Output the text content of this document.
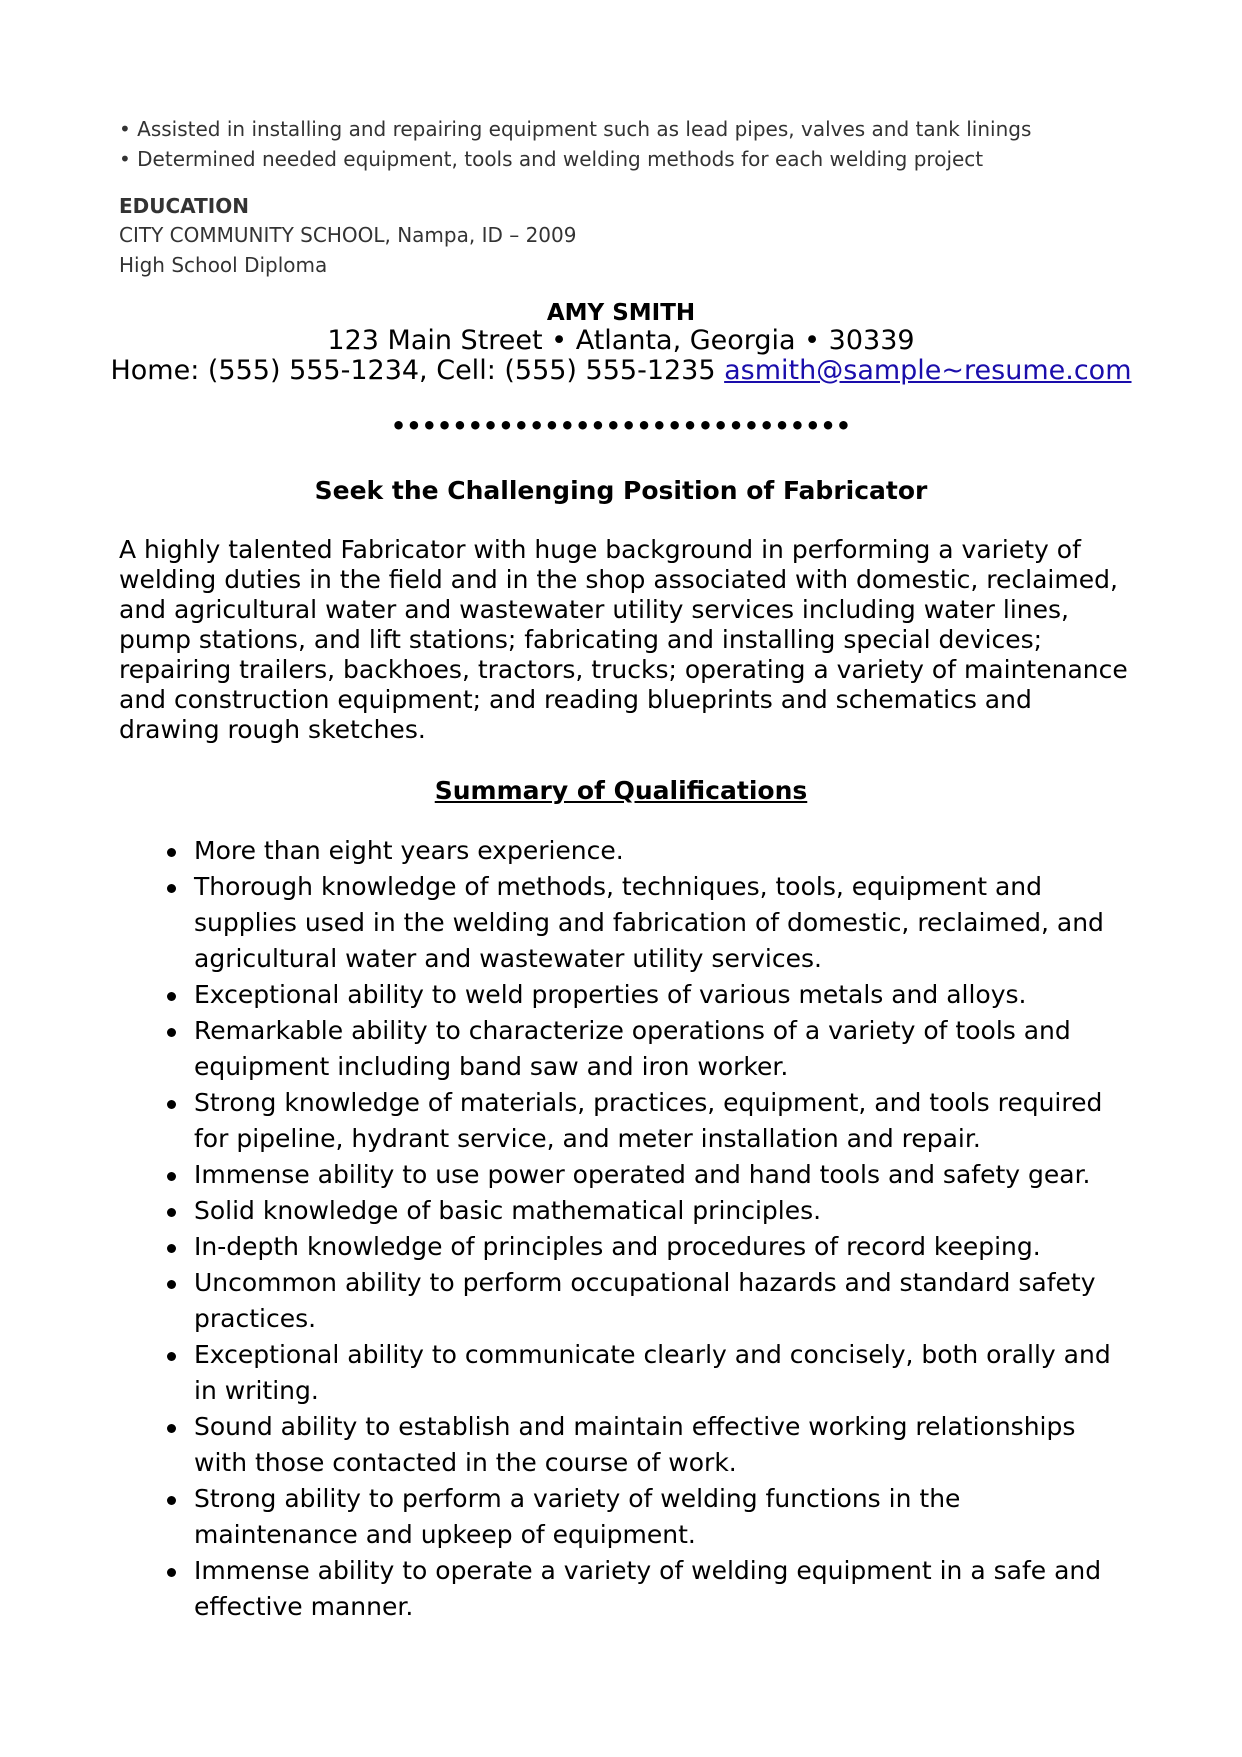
• Assisted in installing and repairing equipment such as lead pipes, valves and tank linings
• Determined needed equipment, tools and welding methods for each welding project
EDUCATION
CITY COMMUNITY SCHOOL, Nampa, ID – 2009
High School Diploma
AMY SMITH
123 Main Street • Atlanta, Georgia • 30339
Home: (555) 555-1234, Cell: (555) 555-1235 asmith@sample~resume.com
••••••••••••••••••••••••••••••
Seek the Challenging Position of Fabricator
A highly talented Fabricator with huge background in performing a variety of welding duties in the field and in the shop associated with domestic, reclaimed, and agricultural water and wastewater utility services including water lines, pump stations, and lift stations; fabricating and installing special devices; repairing trailers, backhoes, tractors, trucks; operating a variety of maintenance and construction equipment; and reading blueprints and schematics and drawing rough sketches.
Summary of Qualifications
More than eight years experience.
Thorough knowledge of methods, techniques, tools, equipment and supplies used in the welding and fabrication of domestic, reclaimed, and agricultural water and wastewater utility services.
Exceptional ability to weld properties of various metals and alloys.
Remarkable ability to characterize operations of a variety of tools and equipment including band saw and iron worker.
Strong knowledge of materials, practices, equipment, and tools required for pipeline, hydrant service, and meter installation and repair.
Immense ability to use power operated and hand tools and safety gear.
Solid knowledge of basic mathematical principles.
In-depth knowledge of principles and procedures of record keeping.
Uncommon ability to perform occupational hazards and standard safety practices.
Exceptional ability to communicate clearly and concisely, both orally and in writing.
Sound ability to establish and maintain effective working relationships with those contacted in the course of work.
Strong ability to perform a variety of welding functions in the maintenance and upkeep of equipment.
Immense ability to operate a variety of welding equipment in a safe and effective manner.
